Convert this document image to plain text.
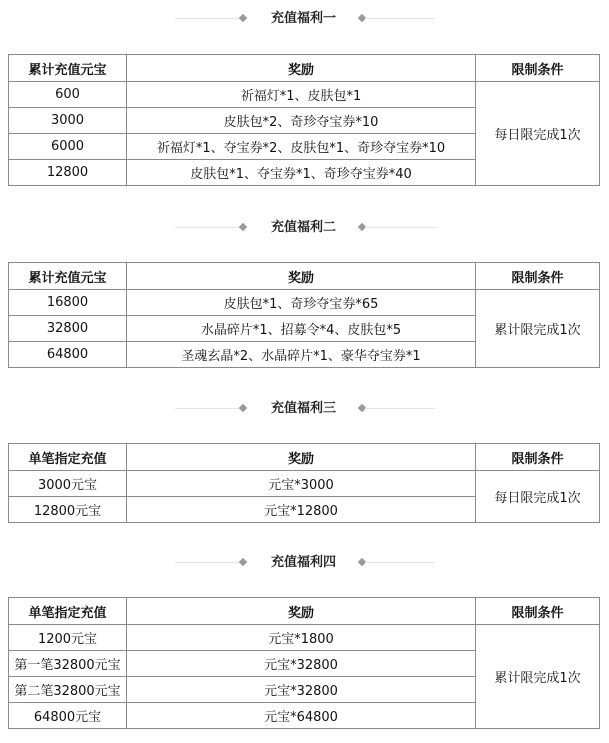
充值福利一
累计充值元宝	奖励	限制条件
600	祈福灯*1、皮肤包*1	每日限完成1次
3000	皮肤包*2、奇珍夺宝券*10	
6000	祈福灯*1、夺宝券*2、皮肤包*1、奇珍夺宝券*10	
12800	皮肤包*1、夺宝券*1、奇珍夺宝券*40	
充值福利二
累计充值元宝	奖励	限制条件
16800	皮肤包*1、奇珍夺宝券*65	累计限完成1次
32800	水晶碎片*1、招募令*4、皮肤包*5	
64800	圣魂玄晶*2、水晶碎片*1、豪华夺宝券*1	
充值福利三
单笔指定充值	奖励	限制条件
3000元宝	元宝*3000	每日限完成1次
12800元宝	元宝*12800	
充值福利四
单笔指定充值	奖励	限制条件
1200元宝	元宝*1800	累计限完成1次
第一笔32800元宝	元宝*32800	
第二笔32800元宝	元宝*32800	
64800元宝	元宝*64800	
